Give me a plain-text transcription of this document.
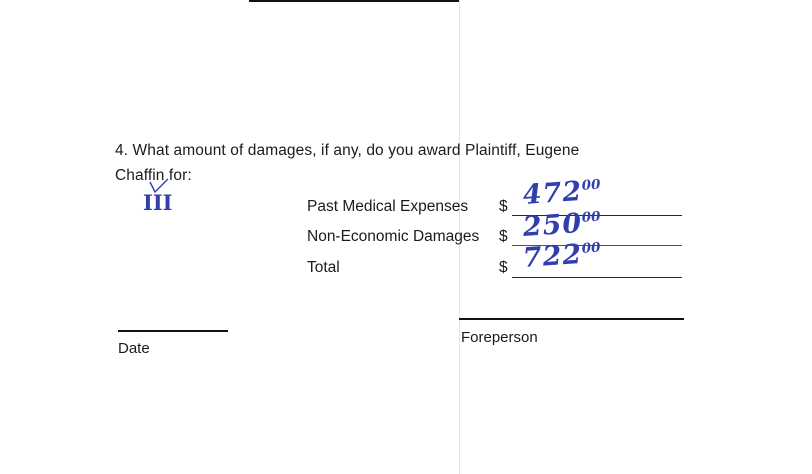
4. What amount of damages, if any, do you award Plaintiff, Eugene
Chaffin for:
III	Past Medical Expenses $ $472^{00}$
Non-Economic Damages $ $250^{00}$
Total	$ $722^{00}$
Date
Foreperson
